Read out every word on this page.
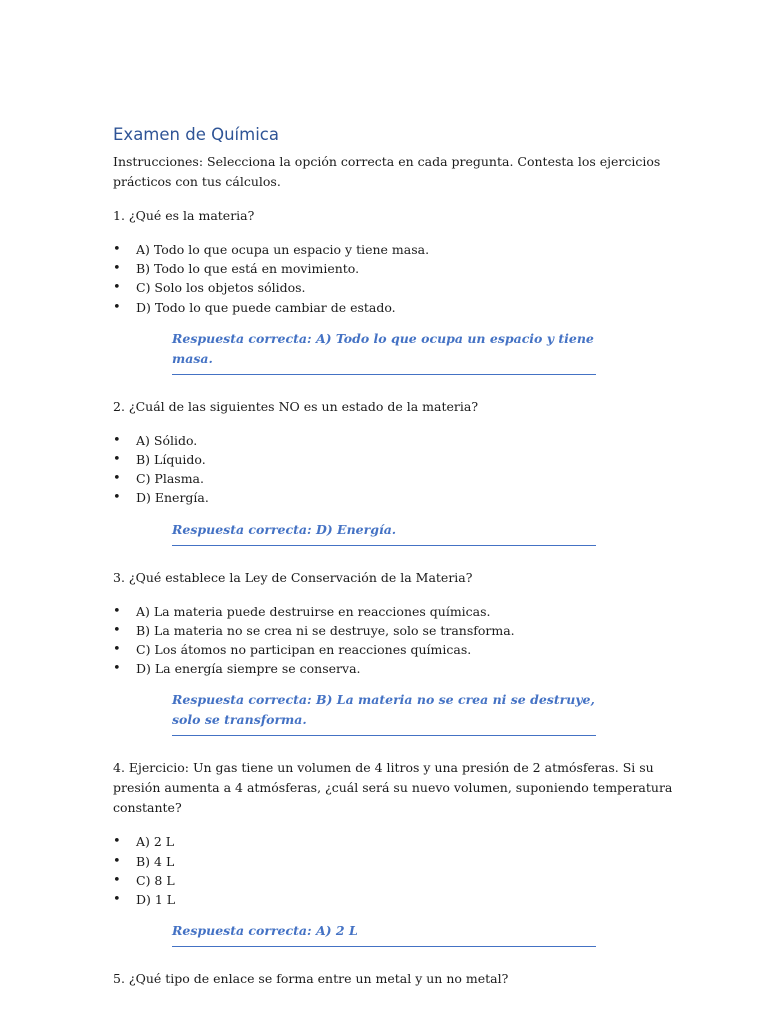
Examen de Química

Instrucciones: Selecciona la opción correcta en cada pregunta. Contesta los ejercicios prácticos con tus cálculos.

1. ¿Qué es la materia?

• A) Todo lo que ocupa un espacio y tiene masa.
• B) Todo lo que está en movimiento.
• C) Solo los objetos sólidos.
• D) Todo lo que puede cambiar de estado.
Respuesta correcta: A) Todo lo que ocupa un espacio y tiene masa.

2. ¿Cuál de las siguientes NO es un estado de la materia?

• A) Sólido.
• B) Líquido.
• C) Plasma.
• D) Energía.
Respuesta correcta: D) Energía.

3. ¿Qué establece la Ley de Conservación de la Materia?

• A) La materia puede destruirse en reacciones químicas.
• B) La materia no se crea ni se destruye, solo se transforma.
• C) Los átomos no participan en reacciones químicas.
• D) La energía siempre se conserva.
Respuesta correcta: B) La materia no se crea ni se destruye, solo se transforma.

4. Ejercicio: Un gas tiene un volumen de 4 litros y una presión de 2 atmósferas. Si su presión aumenta a 4 atmósferas, ¿cuál será su nuevo volumen, suponiendo temperatura constante?

• A) 2 L
• B) 4 L
• C) 8 L
• D) 1 L
Respuesta correcta: A) 2 L

5. ¿Qué tipo de enlace se forma entre un metal y un no metal?
